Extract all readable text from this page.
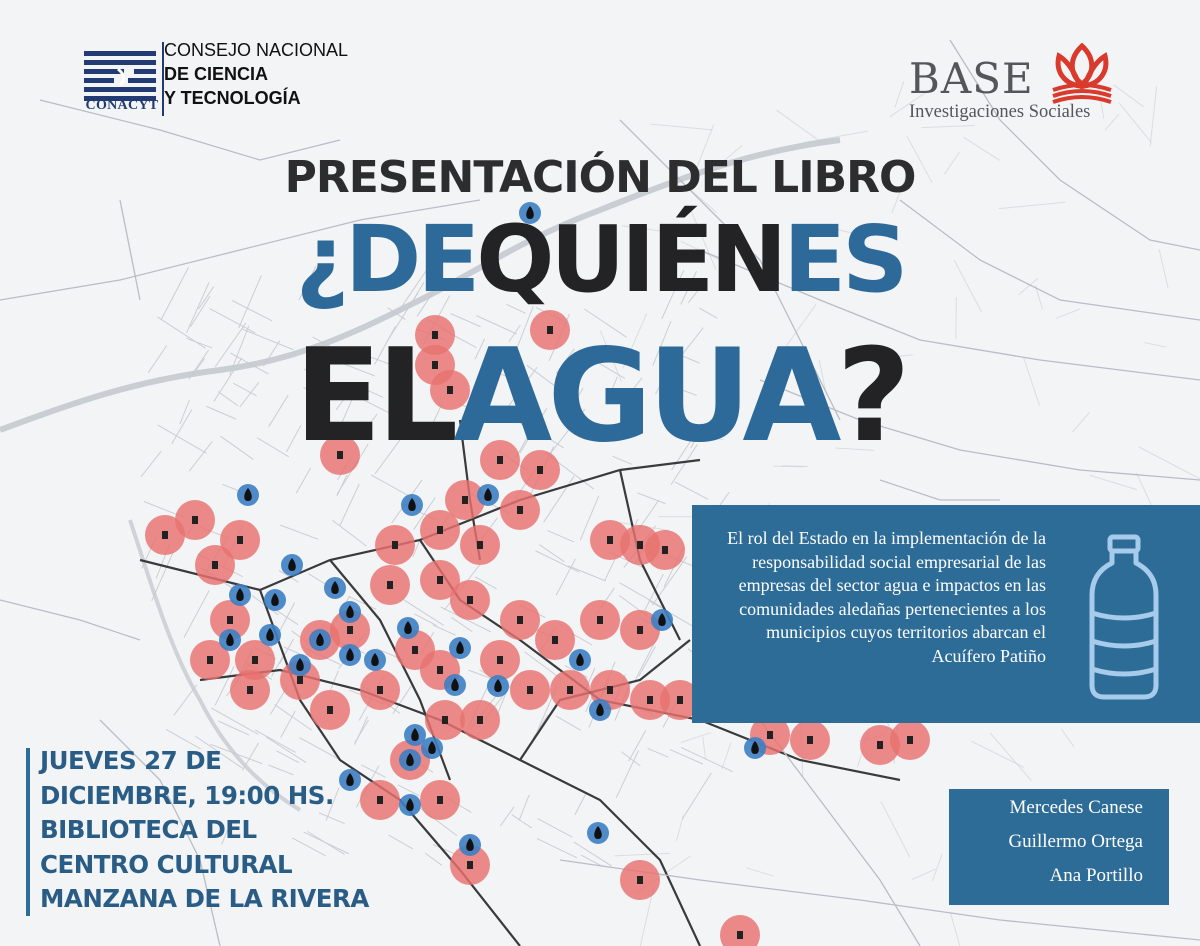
CONACYT
CONSEJO NACIONAL
DE CIENCIA
Y TECNOLOGÍA	BASE
Investigaciones Sociales
PRESENTACIÓN DEL LIBRO
¿DEQUIÉNES
ELAGUA?
El rol del Estado en la implementación de la responsabilidad social empresarial de las empresas del sector agua e impactos en las comunidades aledañas pertenecientes a los municipios cuyos territorios abarcan el Acuífero Patiño
JUEVES 27 DE
DICIEMBRE, 19:00 HS.
BIBLIOTECA DEL
CENTRO CULTURAL
MANZANA DE LA RIVERA
Mercedes Canese
Guillermo Ortega
Ana Portillo
